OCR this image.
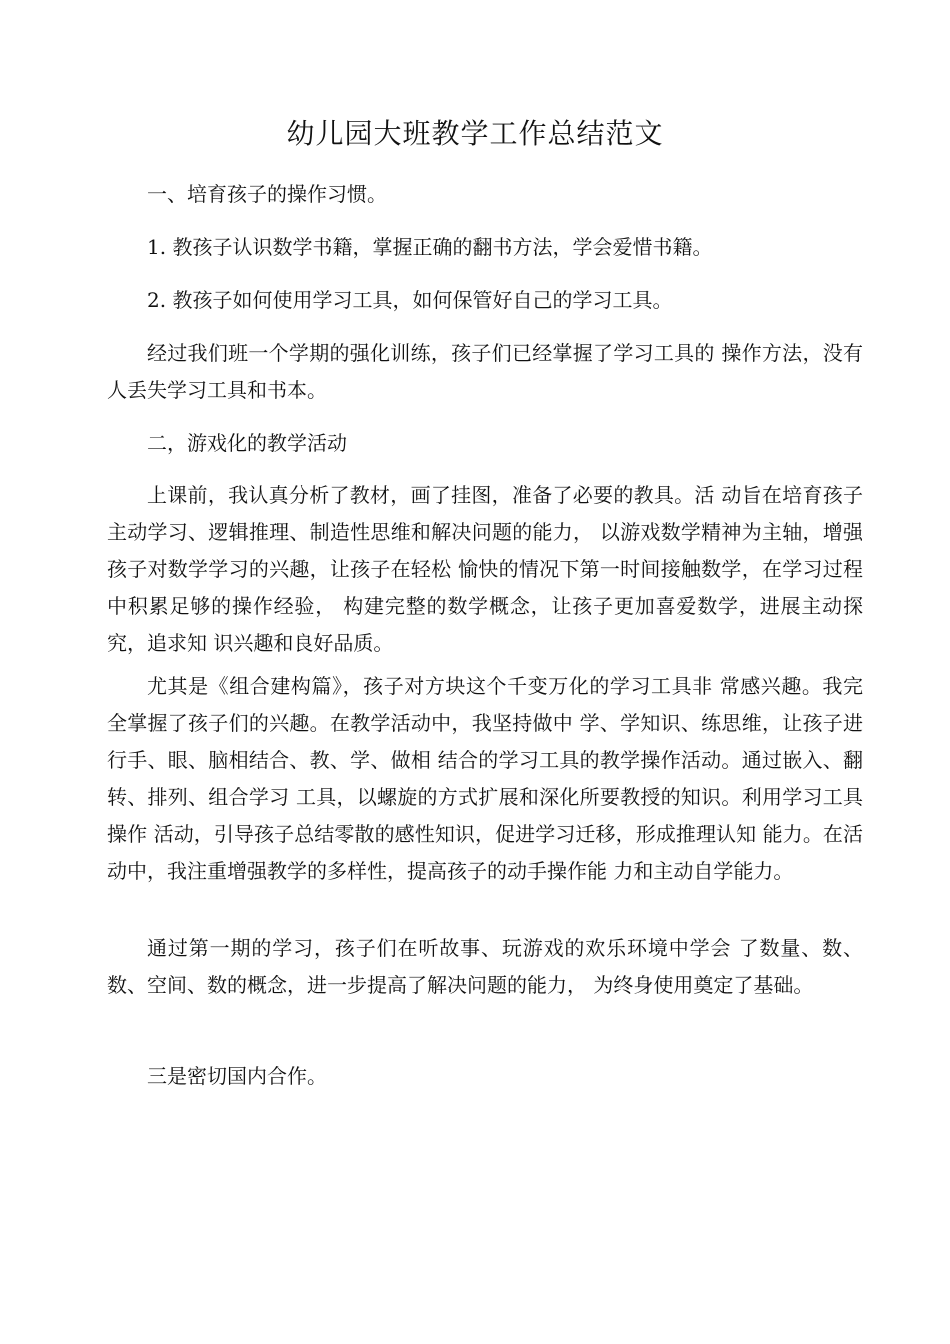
幼儿园大班教学工作总结范文

一、培育孩子的操作习惯。

1. 教孩子认识数学书籍，掌握正确的翻书方法，学会爱惜书籍。

2. 教孩子如何使用学习工具，如何保管好自己的学习工具。

经过我们班一个学期的强化训练，孩子们已经掌握了学习工具的 操作方法，没有人丢失学习工具和书本。

二，游戏化的教学活动

上课前，我认真分析了教材，画了挂图，准备了必要的教具。活 动旨在培育孩子主动学习、逻辑推理、制造性思维和解决问题的能力， 以游戏数学精神为主轴，增强孩子对数学学习的兴趣，让孩子在轻松 愉快的情况下第一时间接触数学，在学习过程中积累足够的操作经验， 构建完整的数学概念，让孩子更加喜爱数学，进展主动探究，追求知 识兴趣和良好品质。

尤其是《组合建构篇》，孩子对方块这个千变万化的学习工具非 常感兴趣。我完全掌握了孩子们的兴趣。在教学活动中，我坚持做中 学、学知识、练思维，让孩子进行手、眼、脑相结合、教、学、做相 结合的学习工具的教学操作活动。通过嵌入、翻转、排列、组合学习 工具，以螺旋的方式扩展和深化所要教授的知识。利用学习工具操作 活动，引导孩子总结零散的感性知识，促进学习迁移，形成推理认知 能力。在活动中，我注重增强教学的多样性，提高孩子的动手操作能 力和主动自学能力。

通过第一期的学习，孩子们在听故事、玩游戏的欢乐环境中学会 了数量、数、数、空间、数的概念，进一步提高了解决问题的能力， 为终身使用奠定了基础。

三是密切国内合作。
